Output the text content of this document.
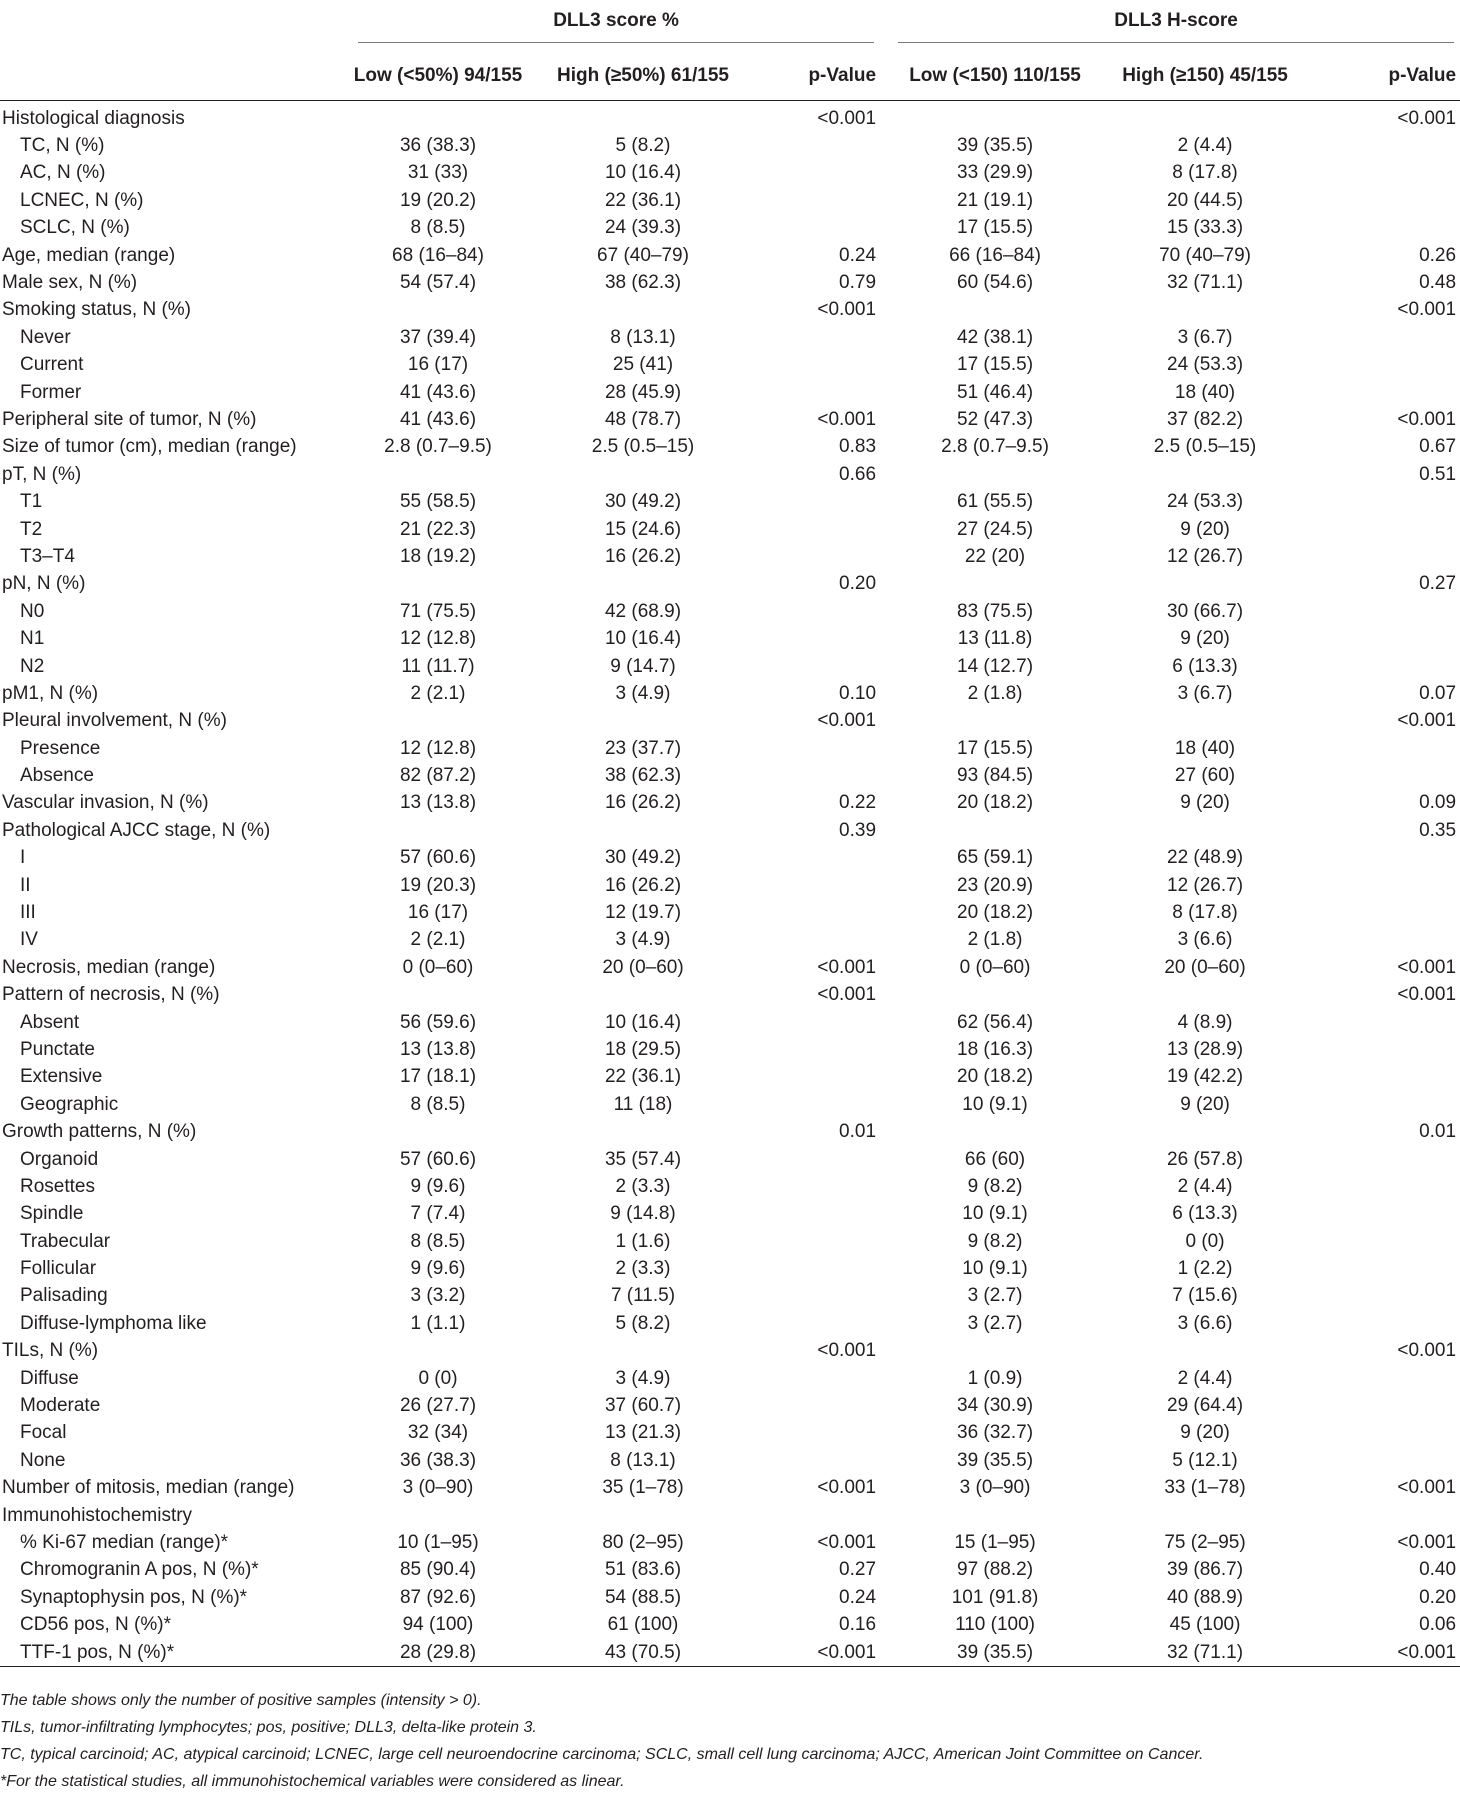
	DLL3 score %			DLL3 H-score		

	Low (<50%) 94/155	High (≥50%) 61/155	p-Value	Low (<150) 110/155	High (≥150) 45/155	p-Value
Histological diagnosis			<0.001			<0.001
TC, N (%)	36 (38.3)	5 (8.2)		39 (35.5)	2 (4.4)	
AC, N (%)	31 (33)	10 (16.4)		33 (29.9)	8 (17.8)	
LCNEC, N (%)	19 (20.2)	22 (36.1)		21 (19.1)	20 (44.5)	
SCLC, N (%)	8 (8.5)	24 (39.3)		17 (15.5)	15 (33.3)	
Age, median (range)	68 (16–84)	67 (40–79)	0.24	66 (16–84)	70 (40–79)	0.26
Male sex, N (%)	54 (57.4)	38 (62.3)	0.79	60 (54.6)	32 (71.1)	0.48
Smoking status, N (%)			<0.001			<0.001
Never	37 (39.4)	8 (13.1)		42 (38.1)	3 (6.7)	
Current	16 (17)	25 (41)		17 (15.5)	24 (53.3)	
Former	41 (43.6)	28 (45.9)		51 (46.4)	18 (40)	
Peripheral site of tumor, N (%)	41 (43.6)	48 (78.7)	<0.001	52 (47.3)	37 (82.2)	<0.001
Size of tumor (cm), median (range)	2.8 (0.7–9.5)	2.5 (0.5–15)	0.83	2.8 (0.7–9.5)	2.5 (0.5–15)	0.67
pT, N (%)			0.66			0.51
T1	55 (58.5)	30 (49.2)		61 (55.5)	24 (53.3)	
T2	21 (22.3)	15 (24.6)		27 (24.5)	9 (20)	
T3–T4	18 (19.2)	16 (26.2)		22 (20)	12 (26.7)	
pN, N (%)			0.20			0.27
N0	71 (75.5)	42 (68.9)		83 (75.5)	30 (66.7)	
N1	12 (12.8)	10 (16.4)		13 (11.8)	9 (20)	
N2	11 (11.7)	9 (14.7)		14 (12.7)	6 (13.3)	
pM1, N (%)	2 (2.1)	3 (4.9)	0.10	2 (1.8)	3 (6.7)	0.07
Pleural involvement, N (%)			<0.001			<0.001
Presence	12 (12.8)	23 (37.7)		17 (15.5)	18 (40)	
Absence	82 (87.2)	38 (62.3)		93 (84.5)	27 (60)	
Vascular invasion, N (%)	13 (13.8)	16 (26.2)	0.22	20 (18.2)	9 (20)	0.09
Pathological AJCC stage, N (%)			0.39			0.35
I	57 (60.6)	30 (49.2)		65 (59.1)	22 (48.9)	
II	19 (20.3)	16 (26.2)		23 (20.9)	12 (26.7)	
III	16 (17)	12 (19.7)		20 (18.2)	8 (17.8)	
IV	2 (2.1)	3 (4.9)		2 (1.8)	3 (6.6)	
Necrosis, median (range)	0 (0–60)	20 (0–60)	<0.001	0 (0–60)	20 (0–60)	<0.001
Pattern of necrosis, N (%)			<0.001			<0.001
Absent	56 (59.6)	10 (16.4)		62 (56.4)	4 (8.9)	
Punctate	13 (13.8)	18 (29.5)		18 (16.3)	13 (28.9)	
Extensive	17 (18.1)	22 (36.1)		20 (18.2)	19 (42.2)	
Geographic	8 (8.5)	11 (18)		10 (9.1)	9 (20)	
Growth patterns, N (%)			0.01			0.01
Organoid	57 (60.6)	35 (57.4)		66 (60)	26 (57.8)	
Rosettes	9 (9.6)	2 (3.3)		9 (8.2)	2 (4.4)	
Spindle	7 (7.4)	9 (14.8)		10 (9.1)	6 (13.3)	
Trabecular	8 (8.5)	1 (1.6)		9 (8.2)	0 (0)	
Follicular	9 (9.6)	2 (3.3)		10 (9.1)	1 (2.2)	
Palisading	3 (3.2)	7 (11.5)		3 (2.7)	7 (15.6)	
Diffuse-lymphoma like	1 (1.1)	5 (8.2)		3 (2.7)	3 (6.6)	
TILs, N (%)			<0.001			<0.001
Diffuse	0 (0)	3 (4.9)		1 (0.9)	2 (4.4)	
Moderate	26 (27.7)	37 (60.7)		34 (30.9)	29 (64.4)	
Focal	32 (34)	13 (21.3)		36 (32.7)	9 (20)	
None	36 (38.3)	8 (13.1)		39 (35.5)	5 (12.1)	
Number of mitosis, median (range)	3 (0–90)	35 (1–78)	<0.001	3 (0–90)	33 (1–78)	<0.001
Immunohistochemistry						
% Ki-67 median (range)*	10 (1–95)	80 (2–95)	<0.001	15 (1–95)	75 (2–95)	<0.001
Chromogranin A pos, N (%)*	85 (90.4)	51 (83.6)	0.27	97 (88.2)	39 (86.7)	0.40
Synaptophysin pos, N (%)*	87 (92.6)	54 (88.5)	0.24	101 (91.8)	40 (88.9)	0.20
CD56 pos, N (%)*	94 (100)	61 (100)	0.16	110 (100)	45 (100)	0.06
TTF-1 pos, N (%)*	28 (29.8)	43 (70.5)	<0.001	39 (35.5)	32 (71.1)	<0.001

The table shows only the number of positive samples (intensity > 0).

TILs, tumor-infiltrating lymphocytes; pos, positive; DLL3, delta-like protein 3.

TC, typical carcinoid; AC, atypical carcinoid; LCNEC, large cell neuroendocrine carcinoma; SCLC, small cell lung carcinoma; AJCC, American Joint Committee on Cancer.

*For the statistical studies, all immunohistochemical variables were considered as linear.
